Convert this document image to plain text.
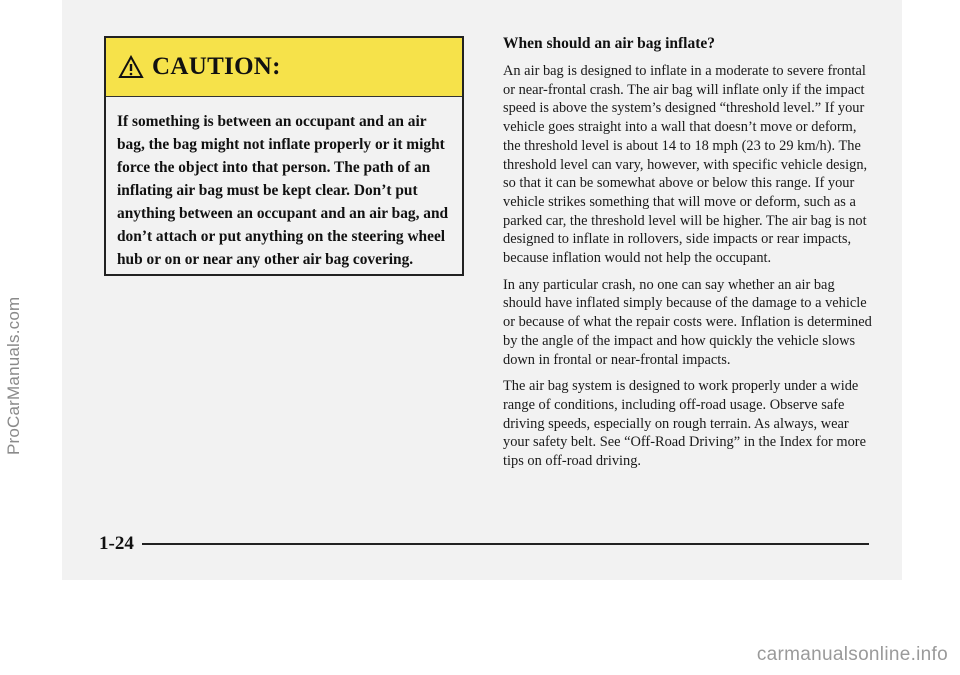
ProCarManuals.com
CAUTION:
If something is between an occupant and an air bag, the bag might not inflate properly or it might force the object into that person. The path of an inflating air bag must be kept clear. Don’t put anything between an occupant and an air bag, and don’t attach or put anything on the steering wheel hub or on or near any other air bag covering.
When should an air bag inflate?

An air bag is designed to inflate in a moderate to severe frontal or near-frontal crash. The air bag will inflate only if the impact speed is above the system’s designed “threshold level.” If your vehicle goes straight into a wall that doesn’t move or deform, the threshold level is about 14 to 18 mph (23 to 29 km/h). The threshold level can vary, however, with specific vehicle design, so that it can be somewhat above or below this range. If your vehicle strikes something that will move or deform, such as a parked car, the threshold level will be higher. The air bag is not designed to inflate in rollovers, side impacts or rear impacts, because inflation would not help the occupant.

In any particular crash, no one can say whether an air bag should have inflated simply because of the damage to a vehicle or because of what the repair costs were. Inflation is determined by the angle of the impact and how quickly the vehicle slows down in frontal or near-frontal impacts.

The air bag system is designed to work properly under a wide range of conditions, including off-road usage. Observe safe driving speeds, especially on rough terrain. As always, wear your safety belt. See “Off-Road Driving” in the Index for more tips on off-road driving.

1-24
carmanualsonline.info
